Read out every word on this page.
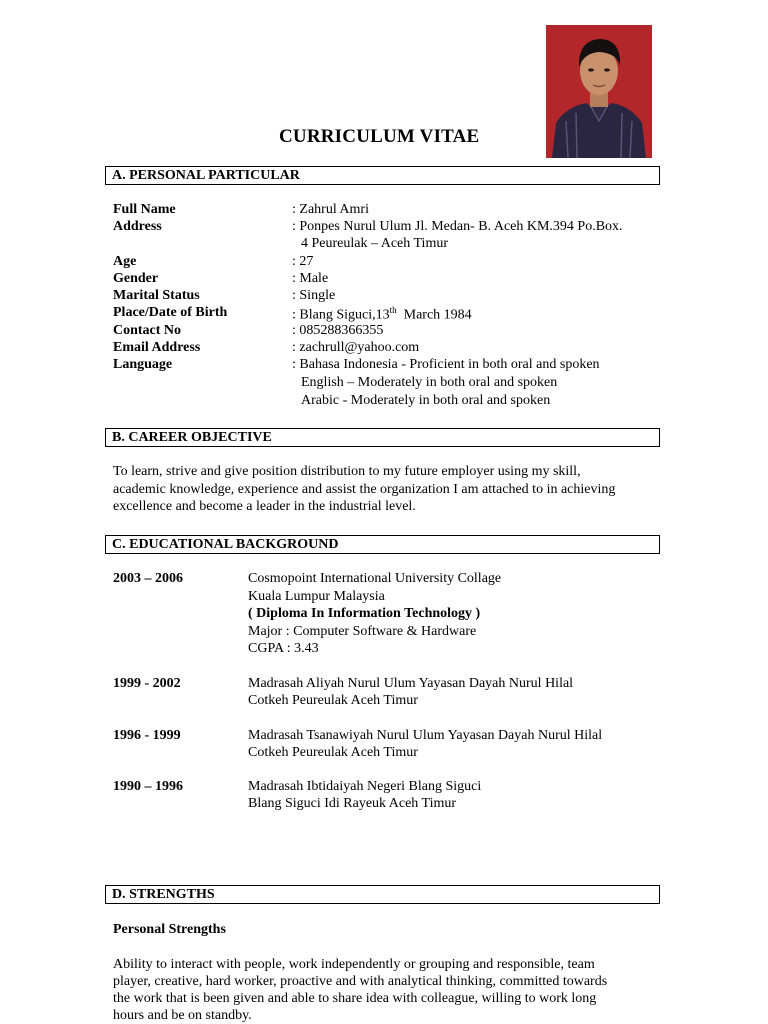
CURRICULUM VITAE
A. PERSONAL PARTICULAR
Full Name	: Zahrul Amri
Address	: Ponpes Nurul Ulum Jl. Medan- B. Aceh KM.394 Po.Box.
4 Peureulak – Aceh Timur
Age	: 27
Gender	: Male
Marital Status	: Single
Place/Date of Birth	: Blang Siguci,13th  March 1984
Contact No	: 085288366355
Email Address	: zachrull@yahoo.com
Language	: Bahasa Indonesia - Proficient in both oral and spoken
English – Moderately in both oral and spoken
Arabic - Moderately in both oral and spoken
B. CAREER OBJECTIVE
To learn, strive and give position distribution to my future employer using my skill,
academic knowledge, experience and assist the organization I am attached to in achieving
excellence and become a leader in the industrial level.
C. EDUCATIONAL BACKGROUND
2003 – 2006	Cosmopoint International University Collage
Kuala Lumpur Malaysia
( Diploma In Information Technology )
Major : Computer Software & Hardware
CGPA : 3.43
1999 - 2002	Madrasah Aliyah Nurul Ulum Yayasan Dayah Nurul Hilal
Cotkeh Peureulak Aceh Timur
1996 - 1999	Madrasah Tsanawiyah Nurul Ulum Yayasan Dayah Nurul Hilal
Cotkeh Peureulak Aceh Timur
1990 – 1996	Madrasah Ibtidaiyah Negeri Blang Siguci
Blang Siguci Idi Rayeuk Aceh Timur
D. STRENGTHS
Personal Strengths
Ability to interact with people, work independently or grouping and responsible, team
player, creative, hard worker, proactive and with analytical thinking, committed towards
the work that is been given and able to share idea with colleague, willing to work long
hours and be on standby.
